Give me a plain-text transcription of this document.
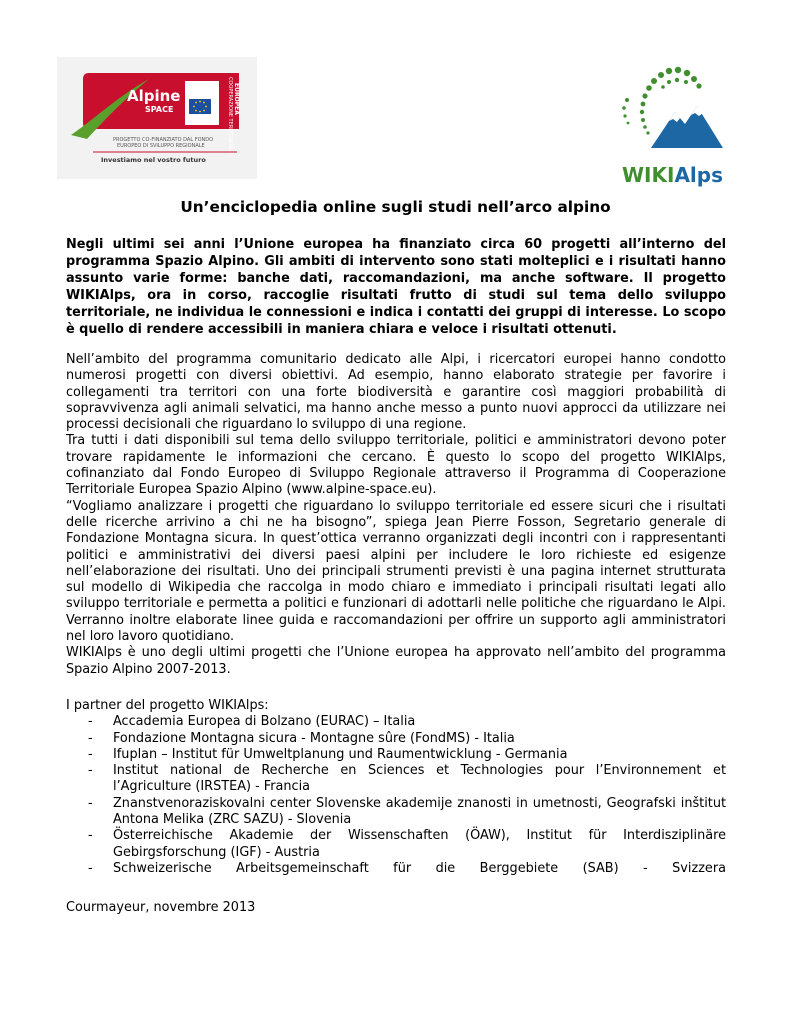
Alpine
SPACE	COOPERAZIONE TERRITORIALE EUROPEA
PROGETTO CO-FINANZIATO DAL FONDO
EUROPEO DI SVILUPPO REGIONALE
Investiamo nel vostro futuro
WIKIAlps
Un’enciclopedia online sugli studi nell’arco alpino
Negli ultimi sei anni l’Unione europea ha finanziato circa 60 progetti all’interno del programma Spazio Alpino. Gli ambiti di intervento sono stati molteplici e i risultati hanno assunto varie forme: banche dati, raccomandazioni, ma anche software. Il progetto WIKIAlps, ora in corso, raccoglie risultati frutto di studi sul tema dello sviluppo territoriale, ne individua le connessioni e indica i contatti dei gruppi di interesse. Lo scopo è quello di rendere accessibili in maniera chiara e veloce i risultati ottenuti.

Nell’ambito del programma comunitario dedicato alle Alpi, i ricercatori europei hanno condotto numerosi progetti con diversi obiettivi. Ad esempio, hanno elaborato strategie per favorire i collegamenti tra territori con una forte biodiversità e garantire così maggiori probabilità di sopravvivenza agli animali selvatici, ma hanno anche messo a punto nuovi approcci da utilizzare nei processi decisionali che riguardano lo sviluppo di una regione.

Tra tutti i dati disponibili sul tema dello sviluppo territoriale, politici e amministratori devono poter trovare rapidamente le informazioni che cercano. È questo lo scopo del progetto WIKIAlps, cofinanziato dal Fondo Europeo di Sviluppo Regionale attraverso il Programma di Cooperazione Territoriale Europea Spazio Alpino (www.alpine-space.eu).

“Vogliamo analizzare i progetti che riguardano lo sviluppo territoriale ed essere sicuri che i risultati delle ricerche arrivino a chi ne ha bisogno”, spiega Jean Pierre Fosson, Segretario generale di Fondazione Montagna sicura. In quest’ottica verranno organizzati degli incontri con i rappresentanti politici e amministrativi dei diversi paesi alpini per includere le loro richieste ed esigenze nell’elaborazione dei risultati. Uno dei principali strumenti previsti è una pagina internet strutturata sul modello di Wikipedia che raccolga in modo chiaro e immediato i principali risultati legati allo sviluppo territoriale e permetta a politici e funzionari di adottarli nelle politiche che riguardano le Alpi. Verranno inoltre elaborate linee guida e raccomandazioni per offrire un supporto agli amministratori nel loro lavoro quotidiano.

WIKIAlps è uno degli ultimi progetti che l’Unione europea ha approvato nell’ambito del programma Spazio Alpino 2007-2013.

I partner del progetto WIKIAlps:
- Accademia Europea di Bolzano (EURAC) – Italia
- Fondazione Montagna sicura - Montagne sûre (FondMS) - Italia
- Ifuplan – Institut für Umweltplanung und Raumentwicklung - Germania
- Institut national de Recherche en Sciences et Technologies pour l’Environnement et l’Agriculture (IRSTEA) - Francia
- Znanstvenoraziskovalni center Slovenske akademije znanosti in umetnosti, Geografski inštitut Antona Melika (ZRC SAZU) - Slovenia
- Österreichische Akademie der Wissenschaften (ÖAW), Institut für Interdisziplinäre Gebirgsforschung (IGF) - Austria
- Schweizerische Arbeitsgemeinschaft für die Berggebiete (SAB) - Svizzera
Courmayeur, novembre 2013
